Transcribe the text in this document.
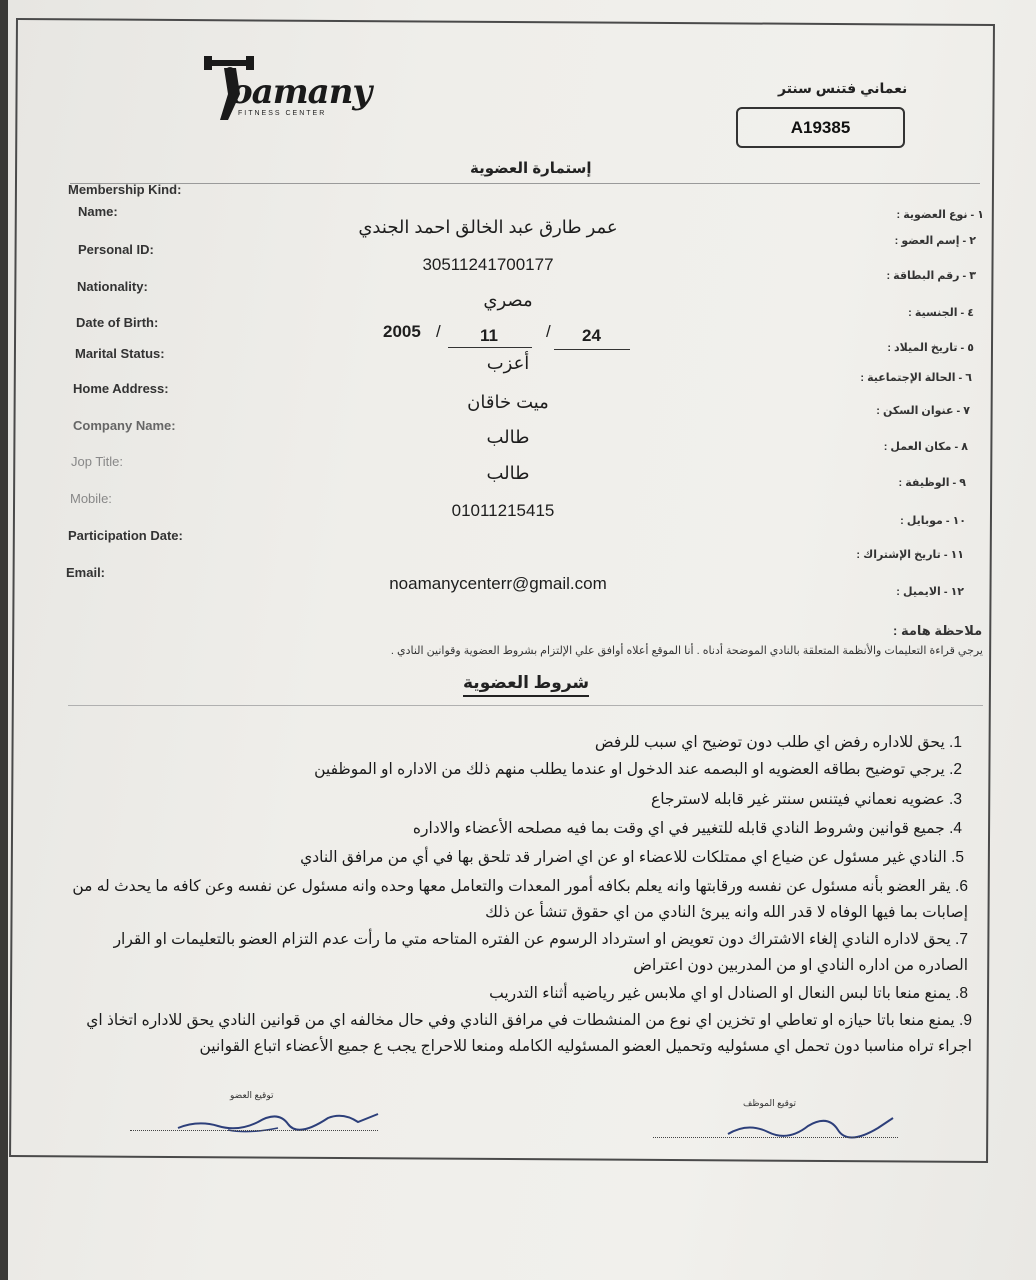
oamany
FITNESS CENTER
نعماني فتنس سنتر
A19385
إستمارة العضوية
Membership Kind:
Name:
Personal ID:
Nationality:
Date of Birth:
Marital Status:
Home Address:
Company Name:
Jop Title:
Mobile:
Participation Date:
Email:
١ - نوع العضوية :
٢ - إسم العضو :
٣ - رقم البطاقة :
٤ - الجنسية :
٥ - تاريخ الميلاد :
٦ - الحالة الإجتماعية :
٧ - عنوان السكن :
٨ - مكان العمل :
٩ - الوظيفة :
١٠ - موبايل :
١١ - تاريخ الإشتراك :
١٢ - الايميل :
عمر طارق عبد الخالق احمد الجندي
30511241700177
مصري
2005 / 11	/ 24
أعزب
ميت خاقان
طالب
طالب
01011215415
noamanycenterr@gmail.com
ملاحظة هامة :
يرجي قراءة التعليمات والأنظمة المتعلقة بالنادي الموضحة أدناه . أنا الموقع أعلاه أوافق علي الإلتزام بشروط العضوية وقوانين النادي .
شروط العضوية
1. يحق للاداره رفض اي طلب دون توضيح اي سبب للرفض
2. يرجي توضيح بطاقه العضويه او البصمه عند الدخول او عندما يطلب منهم ذلك من الاداره او الموظفين
3. عضويه نعماني فيتنس سنتر غير قابله لاسترجاع
4. جميع قوانين وشروط النادي قابله للتغيير في اي وقت بما فيه مصلحه الأعضاء والاداره
5. النادي غير مسئول عن ضياع اي ممتلكات للاعضاء او عن اي اضرار قد تلحق بها في أي من مرافق النادي
6. يقر العضو بأنه مسئول عن نفسه ورقابتها وانه يعلم بكافه أمور المعدات والتعامل معها وحده وانه مسئول عن نفسه وعن كافه ما يحدث له من إصابات بما فيها الوفاه لا قدر الله وانه يبرئ النادي من اي حقوق تنشأ عن ذلك
7. يحق لاداره النادي إلغاء الاشتراك دون تعويض او استرداد الرسوم عن الفتره المتاحه متي ما رأت عدم التزام العضو بالتعليمات او القرار الصادره من اداره النادي او من المدربين دون اعتراض
8. يمنع منعا باتا لبس النعال او الصنادل او اي ملابس غير رياضيه أثناء التدريب
9. يمنع منعا باتا حيازه او تعاطي او تخزين اي نوع من المنشطات في مرافق النادي وفي حال مخالفه اي من قوانين النادي يحق للاداره اتخاذ اي اجراء تراه مناسبا دون تحمل اي مسئوليه وتحميل العضو المسئوليه الكامله ومنعا للاحراج يجب ع جميع الأعضاء اتباع القوانين
توقيع العضو
توقيع الموظف
